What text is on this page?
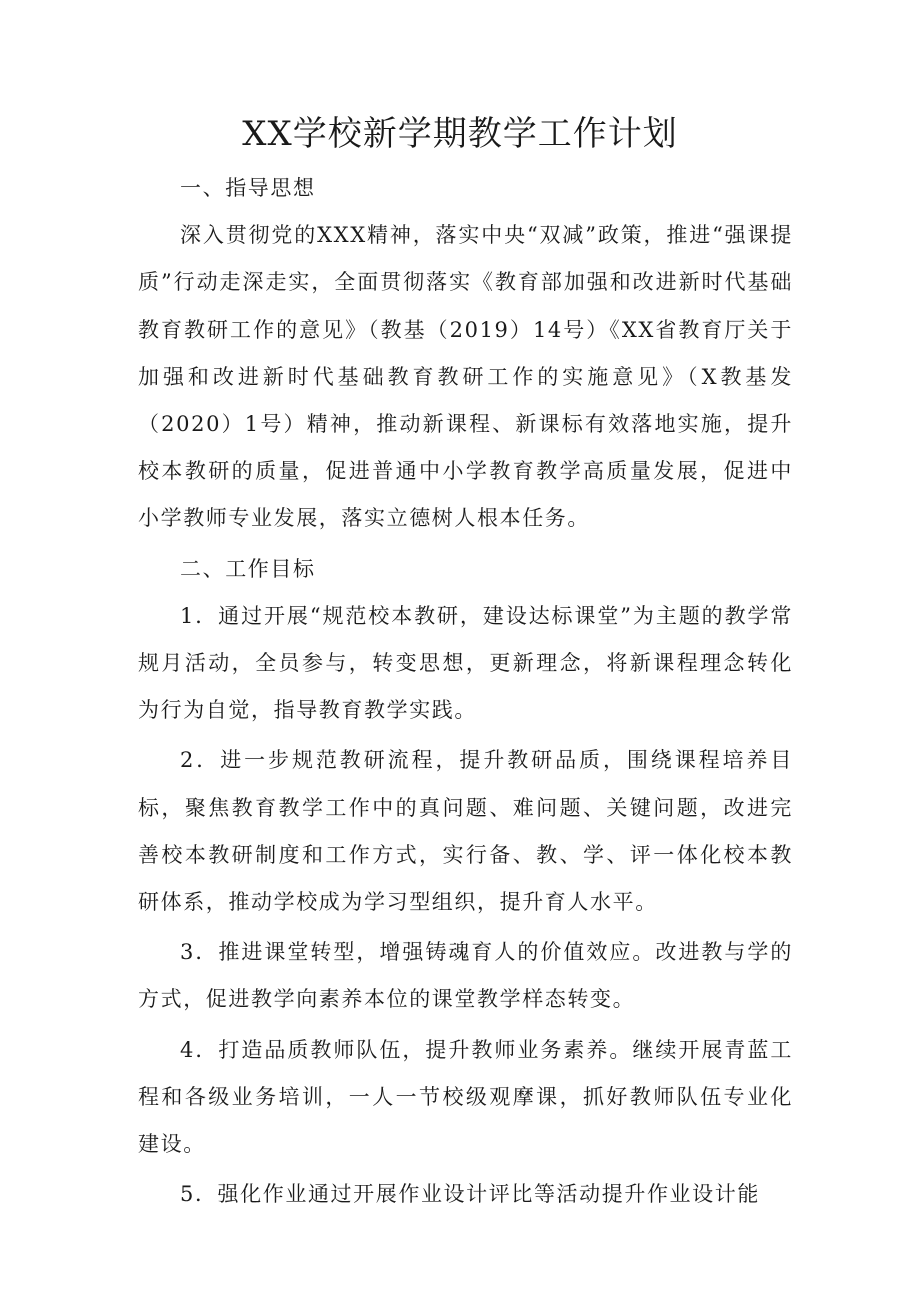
XX学校新学期教学工作计划

一、指导思想

深入贯彻党的XXX精神，落实中央“双减”政策，推进“强课提质”行动走深走实，全面贯彻落实《教育部加强和改进新时代基础教育教研工作的意见》（教基（2019）14号）《XX省教育厅关于加强和改进新时代基础教育教研工作的实施意见》（X教基发（2020）1号）精神，推动新课程、新课标有效落地实施，提升校本教研的质量，促进普通中小学教育教学高质量发展，促进中小学教师专业发展，落实立德树人根本任务。

二、工作目标

1．通过开展“规范校本教研，建设达标课堂”为主题的教学常规月活动，全员参与，转变思想，更新理念，将新课程理念转化为行为自觉，指导教育教学实践。

2．进一步规范教研流程，提升教研品质，围绕课程培养目标，聚焦教育教学工作中的真问题、难问题、关键问题，改进完善校本教研制度和工作方式，实行备、教、学、评一体化校本教研体系，推动学校成为学习型组织，提升育人水平。

3．推进课堂转型，增强铸魂育人的价值效应。改进教与学的方式，促进教学向素养本位的课堂教学样态转变。

4．打造品质教师队伍，提升教师业务素养。继续开展青蓝工程和各级业务培训，一人一节校级观摩课，抓好教师队伍专业化建设。

5．强化作业通过开展作业设计评比等活动提升作业设计能
